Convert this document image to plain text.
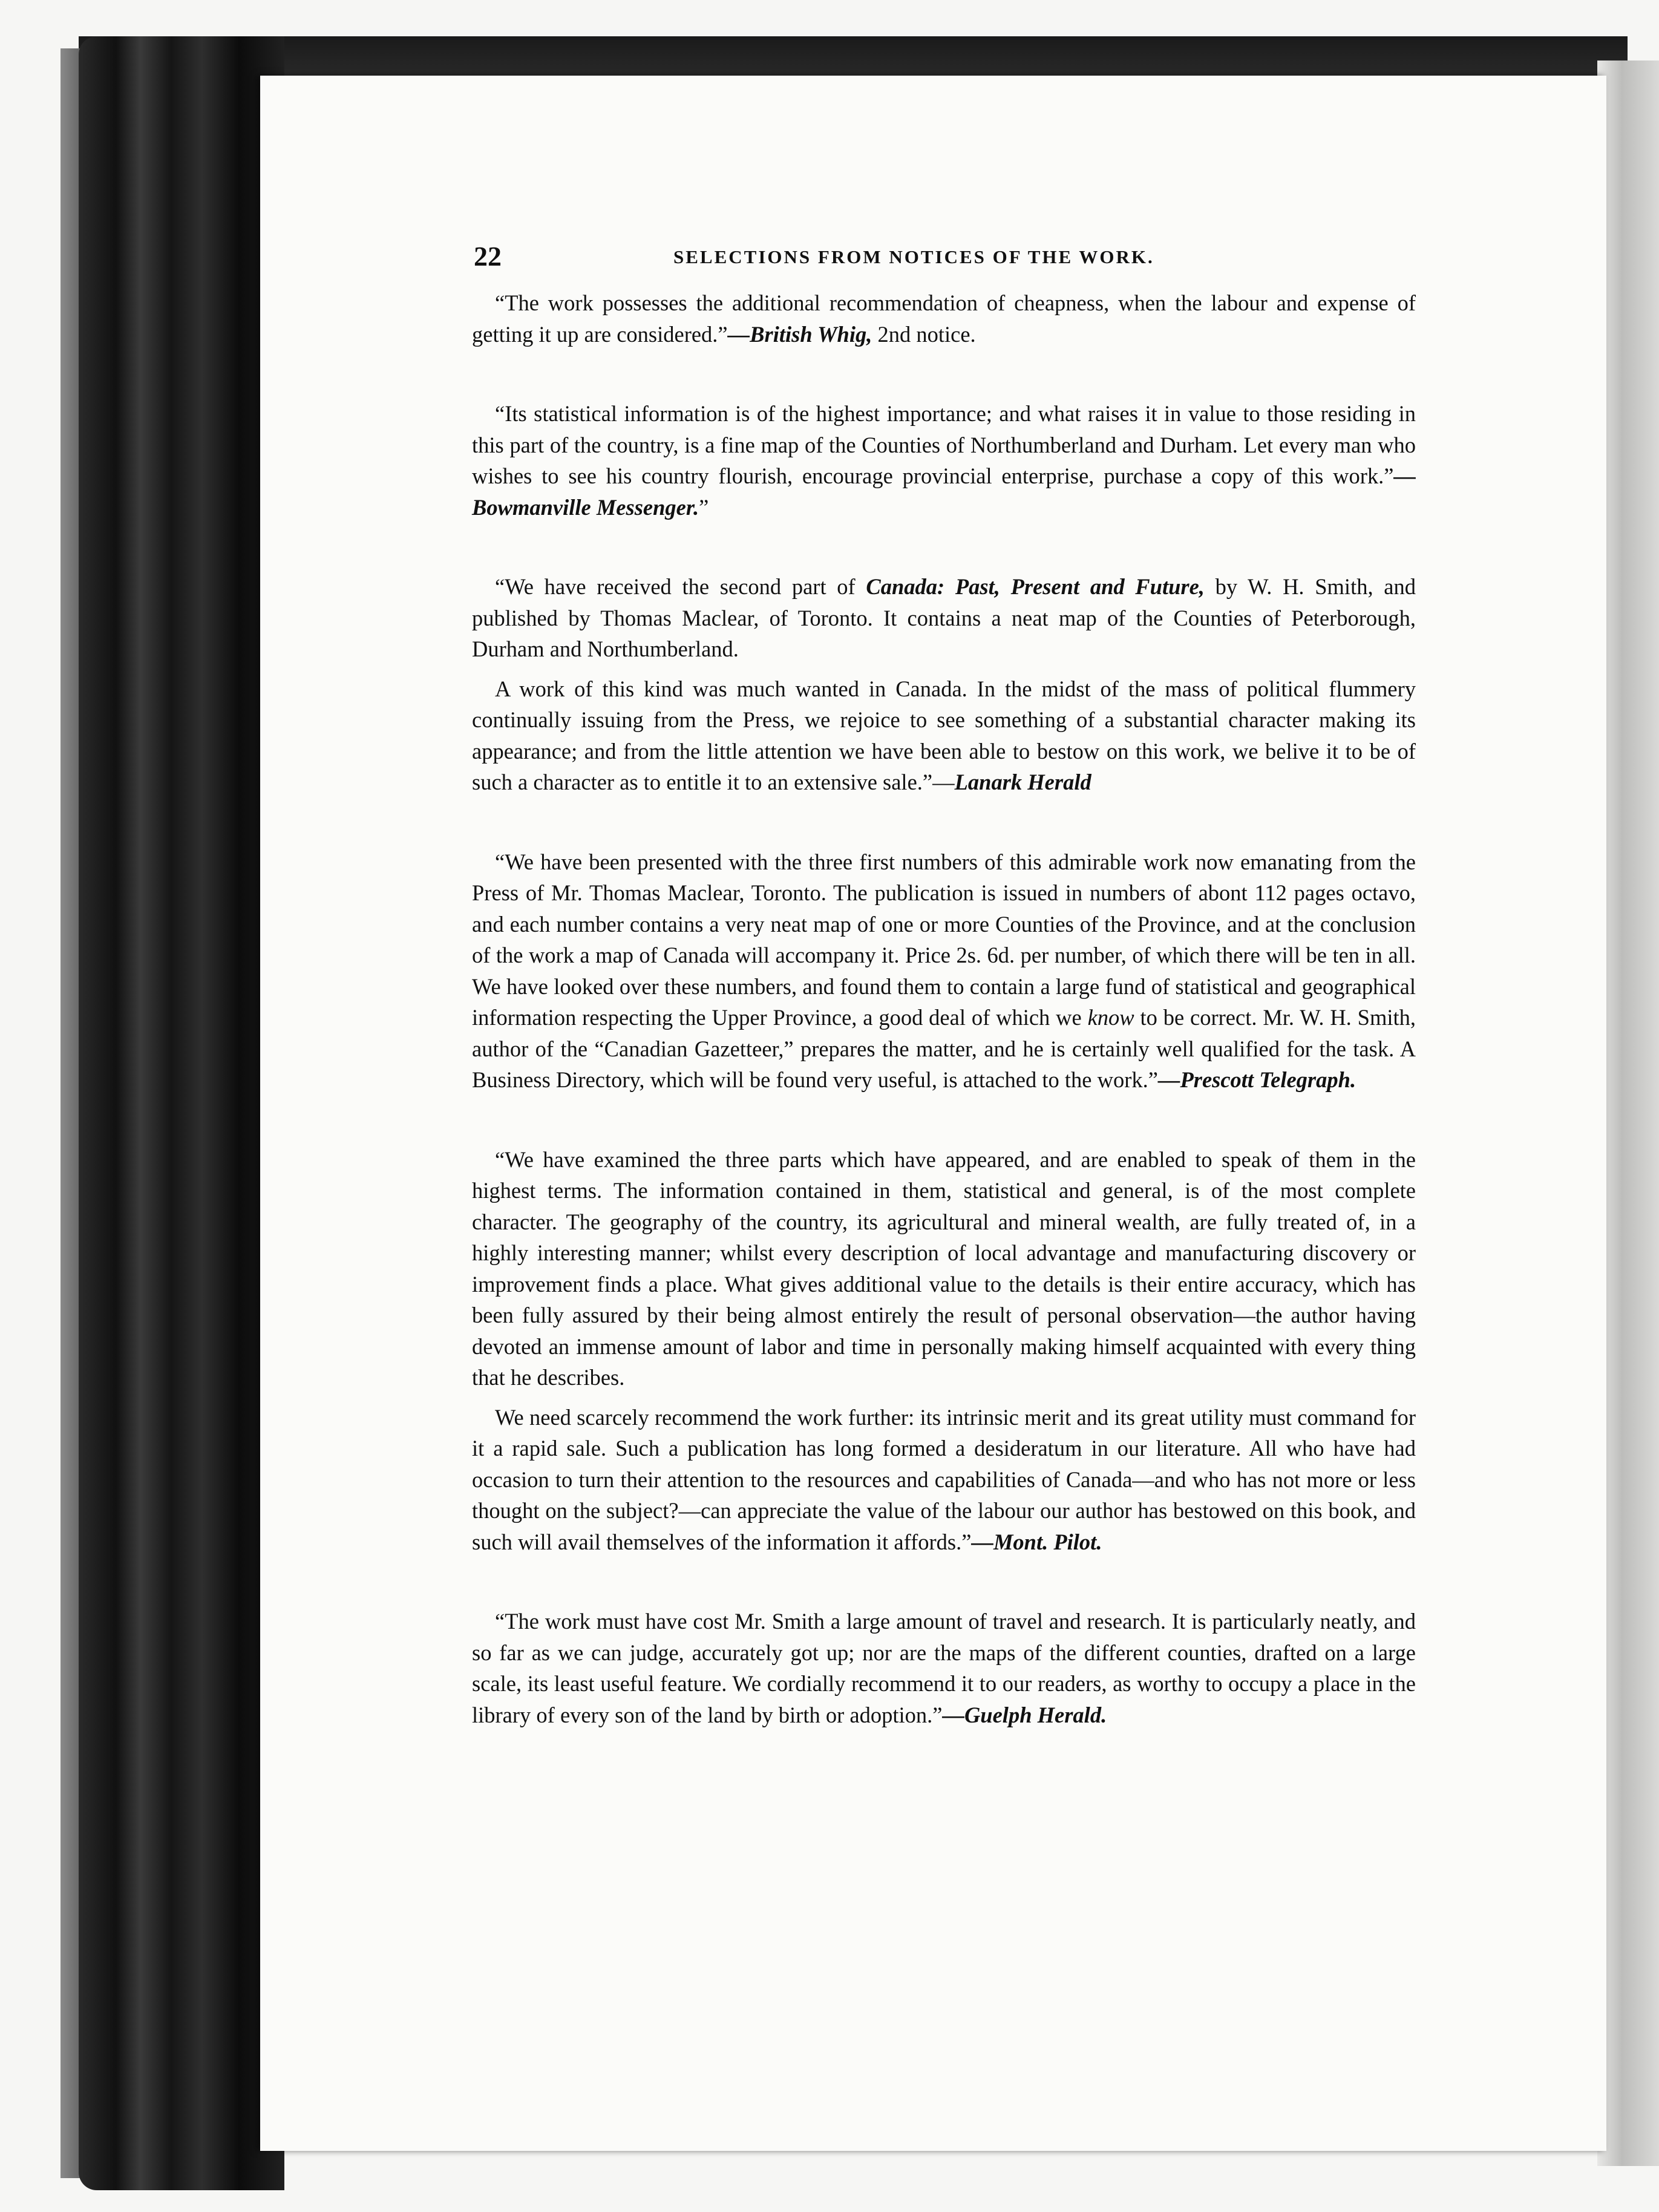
22	SELECTIONS FROM NOTICES OF THE WORK.

“The work possesses the additional recommendation of cheapness, when the labour and expense of getting it up are considered.”—British Whig, 2nd notice.

“Its statistical information is of the highest importance; and what raises it in value to those residing in this part of the country, is a fine map of the Counties of Northumberland and Durham. Let every man who wishes to see his country flourish, encourage provincial enterprise, purchase a copy of this work.”—Bowmanville Messenger.”

“We have received the second part of Canada: Past, Present and Future, by W. H. Smith, and published by Thomas Maclear, of Toronto. It contains a neat map of the Counties of Peterborough, Durham and Northumberland.

A work of this kind was much wanted in Canada. In the midst of the mass of political flummery continually issuing from the Press, we rejoice to see something of a substantial character making its appearance; and from the little attention we have been able to bestow on this work, we belive it to be of such a character as to entitle it to an extensive sale.”—Lanark Herald

“We have been presented with the three first numbers of this admirable work now emanating from the Press of Mr. Thomas Maclear, Toronto. The publication is issued in numbers of abont 112 pages octavo, and each number contains a very neat map of one or more Counties of the Province, and at the conclusion of the work a map of Canada will accompany it. Price 2s. 6d. per number, of which there will be ten in all. We have looked over these numbers, and found them to contain a large fund of statistical and geographical information respecting the Upper Province, a good deal of which we know to be correct. Mr. W. H. Smith, author of the “Canadian Gazetteer,” prepares the matter, and he is certainly well qualified for the task. A Business Directory, which will be found very useful, is attached to the work.”—Prescott Telegraph.

“We have examined the three parts which have appeared, and are enabled to speak of them in the highest terms. The information contained in them, statistical and general, is of the most complete character. The geography of the country, its agricultural and mineral wealth, are fully treated of, in a highly interesting manner; whilst every description of local advantage and manufacturing discovery or improvement finds a place. What gives additional value to the details is their entire accuracy, which has been fully assured by their being almost entirely the result of personal observation—the author having devoted an immense amount of labor and time in personally making himself acquainted with every thing that he describes.

We need scarcely recommend the work further: its intrinsic merit and its great utility must command for it a rapid sale. Such a publication has long formed a desideratum in our literature. All who have had occasion to turn their attention to the resources and capabilities of Canada—and who has not more or less thought on the subject?—can appreciate the value of the labour our author has bestowed on this book, and such will avail themselves of the information it affords.”—Mont. Pilot.

“The work must have cost Mr. Smith a large amount of travel and research. It is particularly neatly, and so far as we can judge, accurately got up; nor are the maps of the different counties, drafted on a large scale, its least useful feature. We cordially recommend it to our readers, as worthy to occupy a place in the library of every son of the land by birth or adoption.”—Guelph Herald.
